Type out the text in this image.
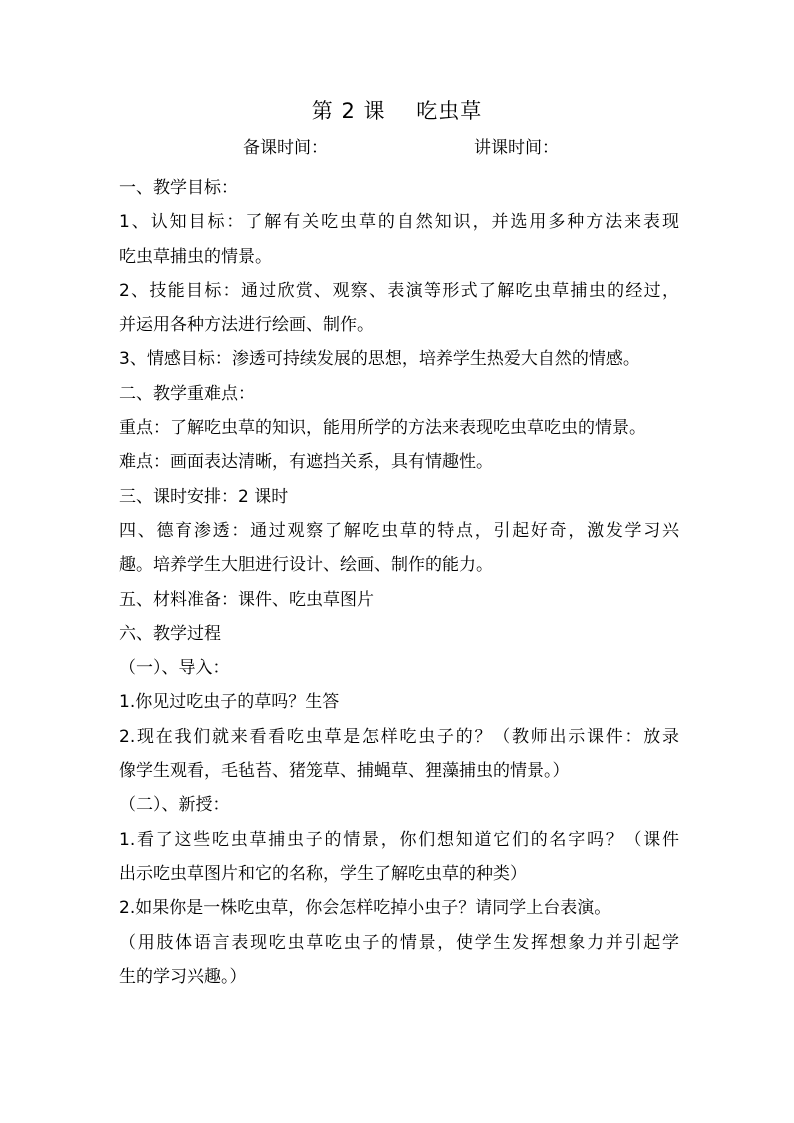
第 2 课    吃虫草
备课时间：	讲课时间：
一、教学目标：
1、认知目标：了解有关吃虫草的自然知识，并选用多种方法来表现
吃虫草捕虫的情景。
2、技能目标：通过欣赏、观察、表演等形式了解吃虫草捕虫的经过，
并运用各种方法进行绘画、制作。
3、情感目标：渗透可持续发展的思想，培养学生热爱大自然的情感。
二、教学重难点：
重点：了解吃虫草的知识，能用所学的方法来表现吃虫草吃虫的情景。
难点：画面表达清晰，有遮挡关系，具有情趣性。
三、课时安排：2 课时
四、德育渗透：通过观察了解吃虫草的特点，引起好奇，激发学习兴
趣。培养学生大胆进行设计、绘画、制作的能力。
五、材料准备：课件、吃虫草图片
六、教学过程
（一）、导入：
1.你见过吃虫子的草吗？生答
2.现在我们就来看看吃虫草是怎样吃虫子的？（教师出示课件：放录
像学生观看，毛毡苔、猪笼草、捕蝇草、狸藻捕虫的情景。）
（二）、新授：
1.看了这些吃虫草捕虫子的情景，你们想知道它们的名字吗？（课件
出示吃虫草图片和它的名称，学生了解吃虫草的种类）
2.如果你是一株吃虫草，你会怎样吃掉小虫子？请同学上台表演。
（用肢体语言表现吃虫草吃虫子的情景，使学生发挥想象力并引起学
生的学习兴趣。）
